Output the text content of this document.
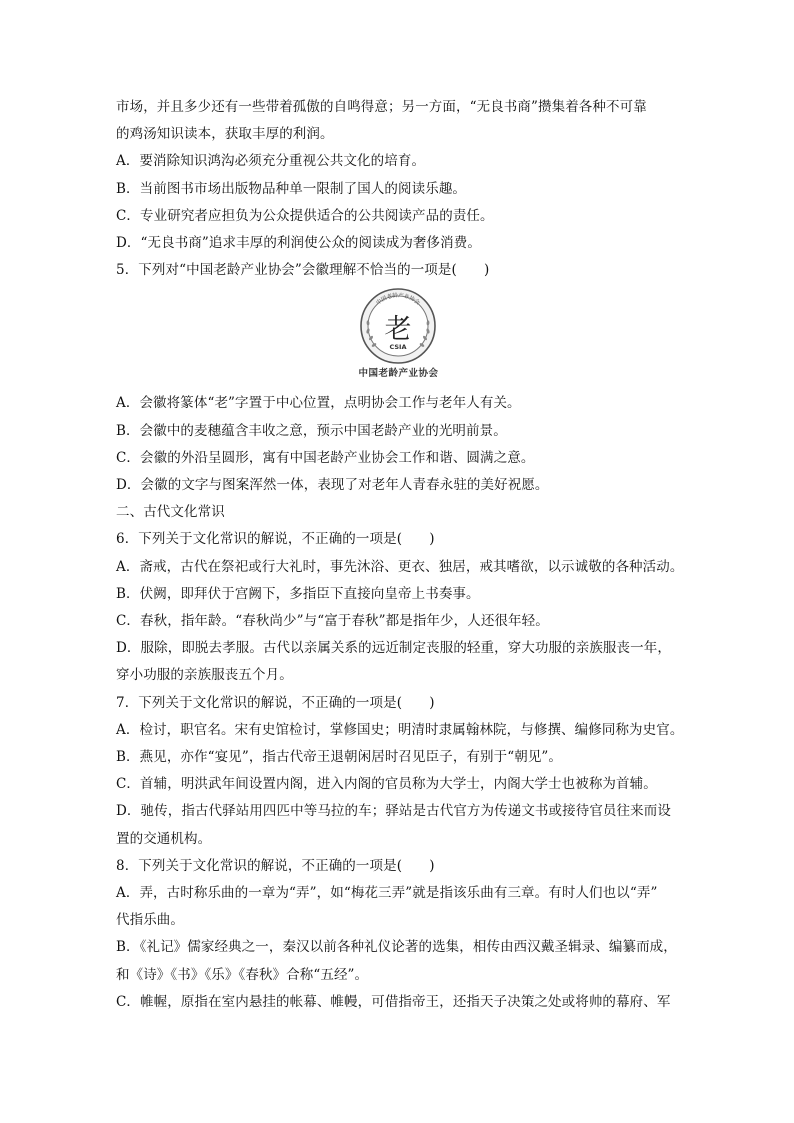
市场，并且多少还有一些带着孤傲的自鸣得意；另一方面，“无良书商”攒集着各种不可靠
的鸡汤知识读本，获取丰厚的利润。
A．要消除知识鸿沟必须充分重视公共文化的培育。
B．当前图书市场出版物品种单一限制了国人的阅读乐趣。
C．专业研究者应担负为公众提供适合的公共阅读产品的责任。
D．“无良书商”追求丰厚的利润使公众的阅读成为奢侈消费。
5．下列对“中国老龄产业协会”会徽理解不恰当的一项是(　　)
中国老龄产业协会
老
CSIA
中国老龄产业协会
A．会徽将篆体“老”字置于中心位置，点明协会工作与老年人有关。
B．会徽中的麦穗蕴含丰收之意，预示中国老龄产业的光明前景。
C．会徽的外沿呈圆形，寓有中国老龄产业协会工作和谐、圆满之意。
D．会徽的文字与图案浑然一体，表现了对老年人青春永驻的美好祝愿。
二、古代文化常识
6．下列关于文化常识的解说，不正确的一项是(　　)
A．斋戒，古代在祭祀或行大礼时，事先沐浴、更衣、独居，戒其嗜欲，以示诚敬的各种活动。
B．伏阙，即拜伏于宫阙下，多指臣下直接向皇帝上书奏事。
C．春秋，指年龄。“春秋尚少”与“富于春秋”都是指年少，人还很年轻。
D．服除，即脱去孝服。古代以亲属关系的远近制定丧服的轻重，穿大功服的亲族服丧一年，
穿小功服的亲族服丧五个月。
7．下列关于文化常识的解说，不正确的一项是(　　)
A．检讨，职官名。宋有史馆检讨，掌修国史；明清时隶属翰林院，与修撰、编修同称为史官。
B．燕见，亦作“宴见”，指古代帝王退朝闲居时召见臣子，有别于“朝见”。
C．首辅，明洪武年间设置内阁，进入内阁的官员称为大学士，内阁大学士也被称为首辅。
D．驰传，指古代驿站用四匹中等马拉的车；驿站是古代官方为传递文书或接待官员往来而设
置的交通机构。
8．下列关于文化常识的解说，不正确的一项是(　　)
A．弄，古时称乐曲的一章为“弄”，如“梅花三弄”就是指该乐曲有三章。有时人们也以“弄”
代指乐曲。
B．《礼记》儒家经典之一，秦汉以前各种礼仪论著的选集，相传由西汉戴圣辑录、编纂而成，
和《诗》《书》《乐》《春秋》合称“五经”。
C．帷幄，原指在室内悬挂的帐幕、帷幔，可借指帝王，还指天子决策之处或将帅的幕府、军
